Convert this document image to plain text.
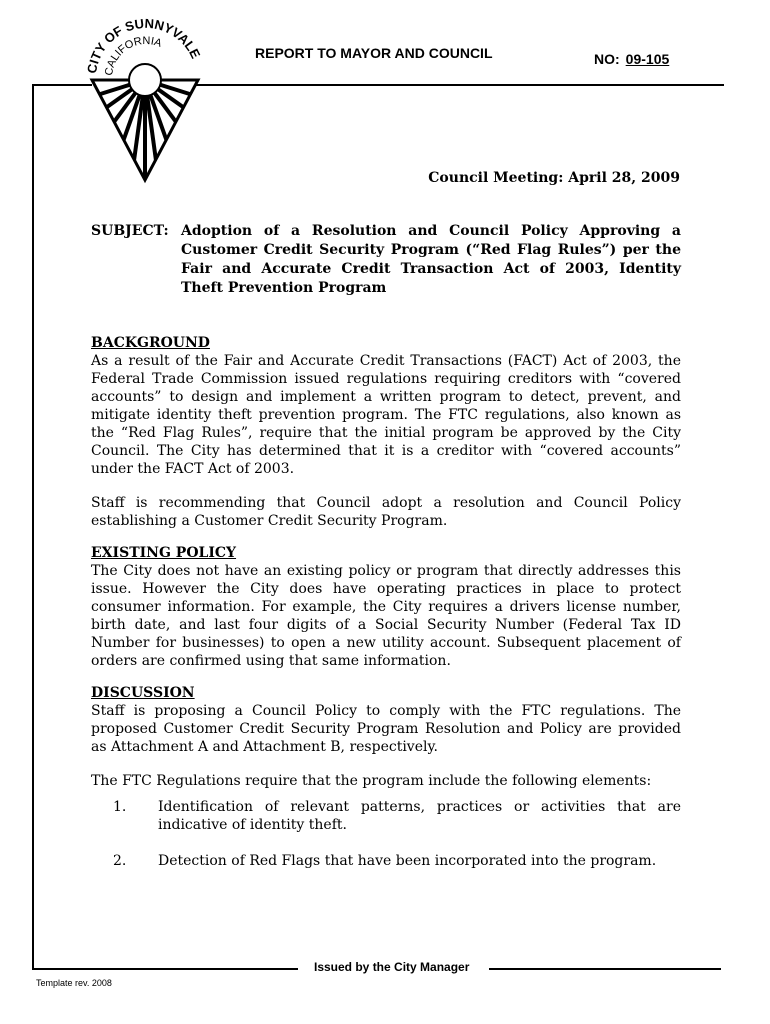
ITY OF SUNNYVALE
CALIFORNIA
REPORT TO MAYOR AND COUNCIL	NO: 09-105
Council Meeting: April 28, 2009
SUBJECT: Adoption of a Resolution and Council Policy Approving a Customer Credit Security Program (“Red Flag Rules”) per the Fair and Accurate Credit Transaction Act of 2003, Identity Theft Prevention Program

BACKGROUND

As a result of the Fair and Accurate Credit Transactions (FACT) Act of 2003, the Federal Trade Commission issued regulations requiring creditors with “covered accounts” to design and implement a written program to detect, prevent, and mitigate identity theft prevention program. The FTC regulations, also known as the “Red Flag Rules”, require that the initial program be approved by the City Council. The City has determined that it is a creditor with “covered accounts” under the FACT Act of 2003.

Staff is recommending that Council adopt a resolution and Council Policy establishing a Customer Credit Security Program.

EXISTING POLICY

The City does not have an existing policy or program that directly addresses this issue. However the City does have operating practices in place to protect consumer information. For example, the City requires a drivers license number, birth date, and last four digits of a Social Security Number (Federal Tax ID Number for businesses) to open a new utility account. Subsequent placement of orders are confirmed using that same information.

DISCUSSION

Staff is proposing a Council Policy to comply with the FTC regulations. The proposed Customer Credit Security Program Resolution and Policy are provided as Attachment A and Attachment B, respectively.

The FTC Regulations require that the program include the following elements:

1.	Identification of relevant patterns, practices or activities that are indicative of identity theft.
2.	Detection of Red Flags that have been incorporated into the program.
Issued by the City Manager
Template rev. 2008
